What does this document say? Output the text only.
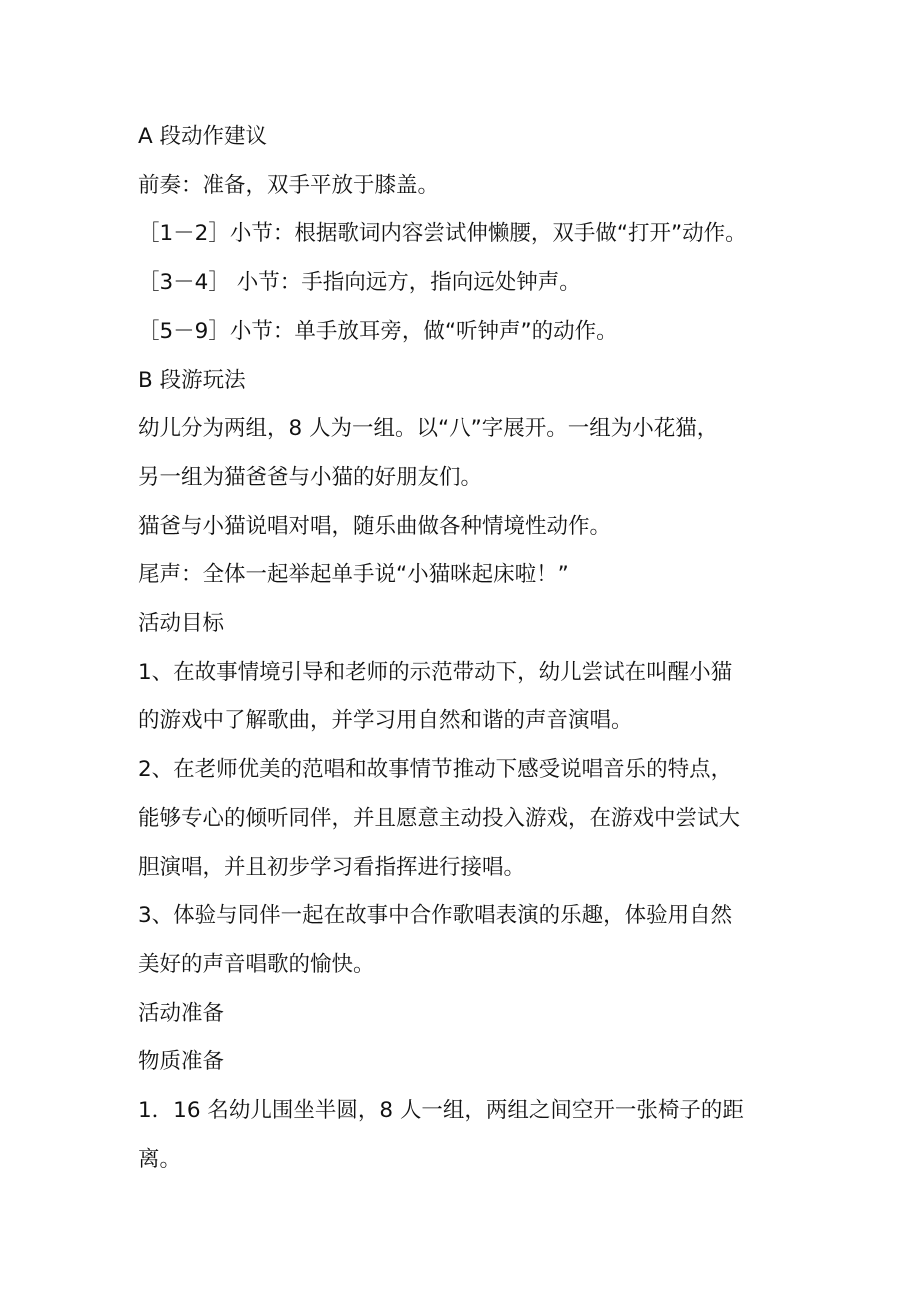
A 段动作建议

前奏：准备，双手平放于膝盖。

［1－2］小节：根据歌词内容尝试伸懒腰，双手做“打开”动作。

［3－4］ 小节：手指向远方，指向远处钟声。

［5－9］小节：单手放耳旁，做“听钟声”的动作。

B 段游玩法

幼儿分为两组，8 人为一组。以“八”字展开。一组为小花猫，

另一组为猫爸爸与小猫的好朋友们。

猫爸与小猫说唱对唱，随乐曲做各种情境性动作。

尾声：全体一起举起单手说“小猫咪起床啦！”

活动目标

1、在故事情境引导和老师的示范带动下，幼儿尝试在叫醒小猫

的游戏中了解歌曲，并学习用自然和谐的声音演唱。

2、在老师优美的范唱和故事情节推动下感受说唱音乐的特点，

能够专心的倾听同伴，并且愿意主动投入游戏，在游戏中尝试大

胆演唱，并且初步学习看指挥进行接唱。

3、体验与同伴一起在故事中合作歌唱表演的乐趣，体验用自然

美好的声音唱歌的愉快。

活动准备

物质准备

1．16 名幼儿围坐半圆，8 人一组，两组之间空开一张椅子的距

离。
